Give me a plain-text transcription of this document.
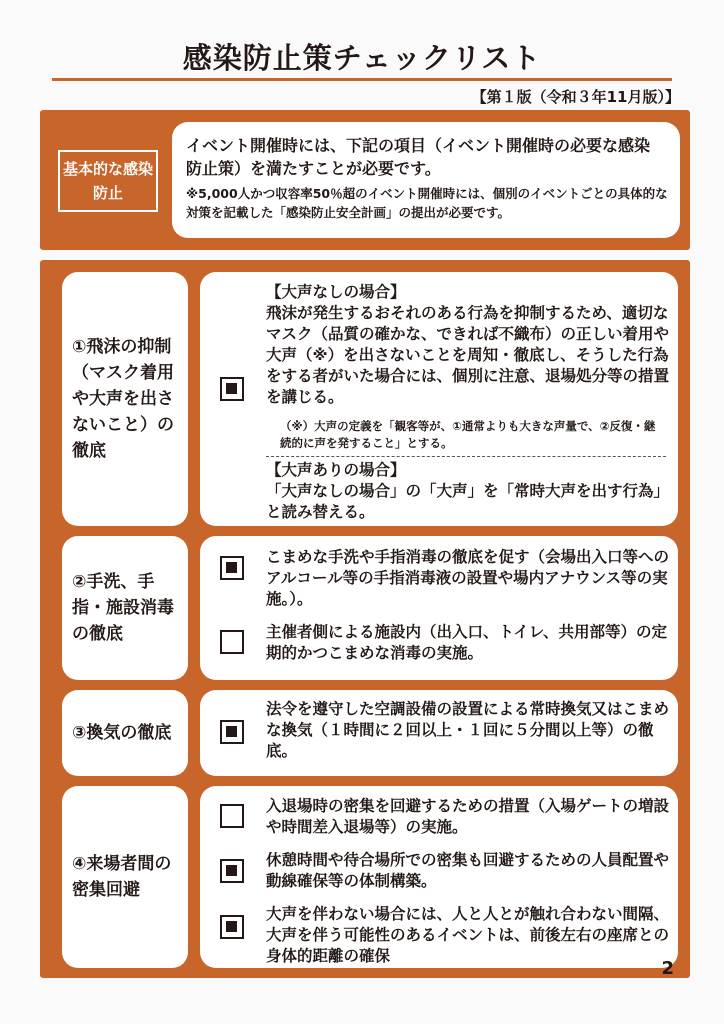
感染防止策チェックリスト
【第１版（令和３年11月版）】
基本的な感染防止
イベント開催時には、下記の項目（イベント開催時の必要な感染防止策）を満たすことが必要です。
※5,000人かつ収容率50％超のイベント開催時には、個別のイベントごとの具体的な対策を記載した「感染防止安全計画」の提出が必要です。
①飛沫の抑制（マスク着用や大声を出さないこと）の徹底
【大声なしの場合】
飛沫が発生するおそれのある行為を抑制するため、適切なマスク（品質の確かな、できれば不織布）の正しい着用や大声（※）を出さないことを周知・徹底し、そうした行為をする者がいた場合には、個別に注意、退場処分等の措置を講じる。
（※）大声の定義を「観客等が、①通常よりも大きな声量で、②反復・継続的に声を発すること」とする。
【大声ありの場合】
「大声なしの場合」の「大声」を「常時大声を出す行為」と読み替える。
②手洗、手指・施設消毒の徹底
こまめな手洗や手指消毒の徹底を促す（会場出入口等へのアルコール等の手指消毒液の設置や場内アナウンス等の実施。）。
主催者側による施設内（出入口、トイレ、共用部等）の定期的かつこまめな消毒の実施。
③換気の徹底
法令を遵守した空調設備の設置による常時換気又はこまめな換気（１時間に２回以上・１回に５分間以上等）の徹底。
④来場者間の密集回避
入退場時の密集を回避するための措置（入場ゲートの増設や時間差入退場等）の実施。
休憩時間や待合場所での密集も回避するための人員配置や動線確保等の体制構築。
大声を伴わない場合には、人と人とが触れ合わない間隔、大声を伴う可能性のあるイベントは、前後左右の座席との身体的距離の確保
2
